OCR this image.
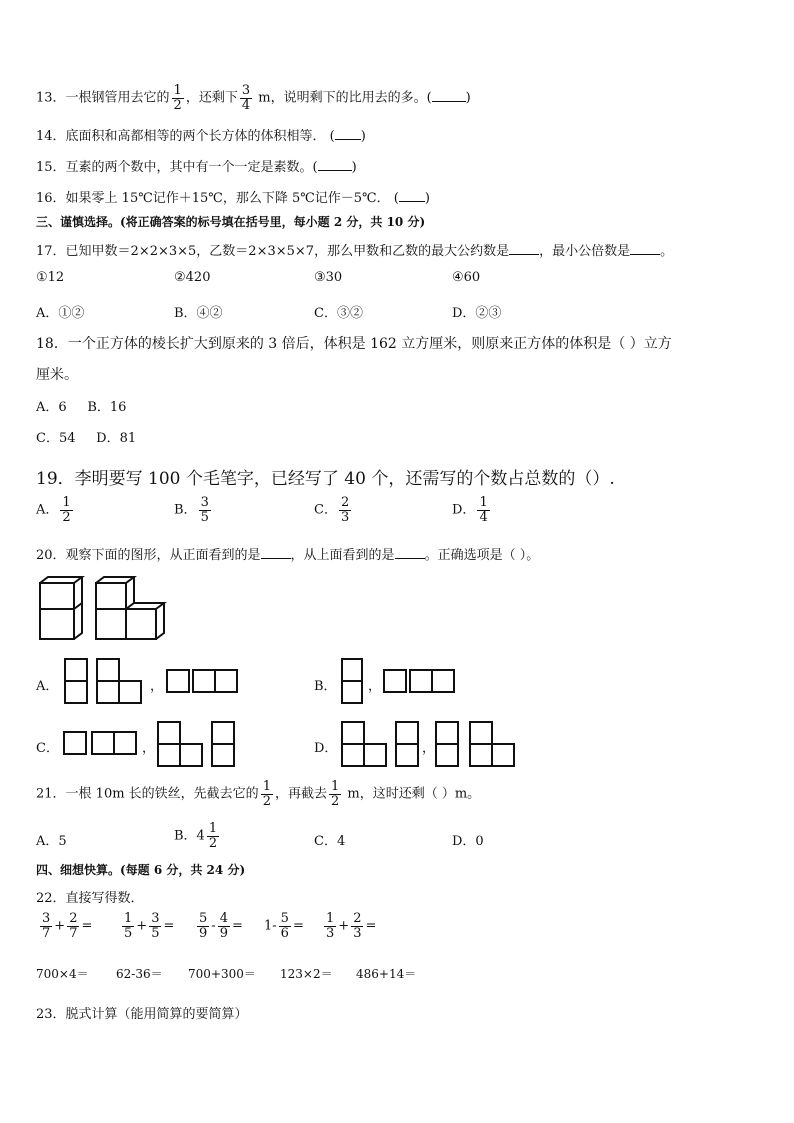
13．一根钢管用去它的 $\frac{1}{2}$ ，还剩下 $\frac{3}{4}$ m，说明剩下的比用去的多。(	)
14．底面积和高都相等的两个长方体的体积相等． ( )
15．互素的两个数中，其中有一个一定是素数。(	)
16．如果零上 15℃记作＋15℃，那么下降 5℃记作－5℃． ( )
三、谨慎选择。(将正确答案的标号填在括号里，每小题 2 分，共 10 分)
17．已知甲数＝2×2×3×5，乙数＝2×3×5×7，那么甲数和乙数的最大公约数是 ，最小公倍数是 。
①12	②420	③30	④60
A．①②	B．④②	C．③②	D．②③
18．一个正方体的棱长扩大到原来的 3 倍后，体积是 162 立方厘米，则原来正方体的体积是（ ）立方
厘米。
A．6     B．16
C．54     D．81
19．李明要写 100 个毛笔字，已经写了 40 个，还需写的个数占总数的（）.
A． $\frac{1}{2}$	B． $\frac{3}{5}$	C． $\frac{2}{3}$	D． $\frac{1}{4}$
20．观察下面的图形，从正面看到的是 ，从上面看到的是 。正确选项是（ ）。
A．	，	B． ，
C．	，	D．	，
21．一根 10m 长的铁丝，先截去它的 $\frac{1}{2}$ ，再截去 $\frac{1}{2}$ m，这时还剩（ ）m。
A．5	B．$4 \frac{1}{2}$	C．4	D．0
四、细想快算。(每题 6 分，共 24 分)
22．直接写得数．
$\frac{3}{7} + \frac{2}{7} = \frac{1}{5} + \frac{3}{5} = \frac{5}{9} - \frac{4}{9} = 1- \frac{5}{6} = \frac{1}{3} + \frac{2}{3}$ =
700×4＝ 62-36＝ 700+300＝ 123×2＝ 486+14＝
23．脱式计算（能用简算的要简算）
